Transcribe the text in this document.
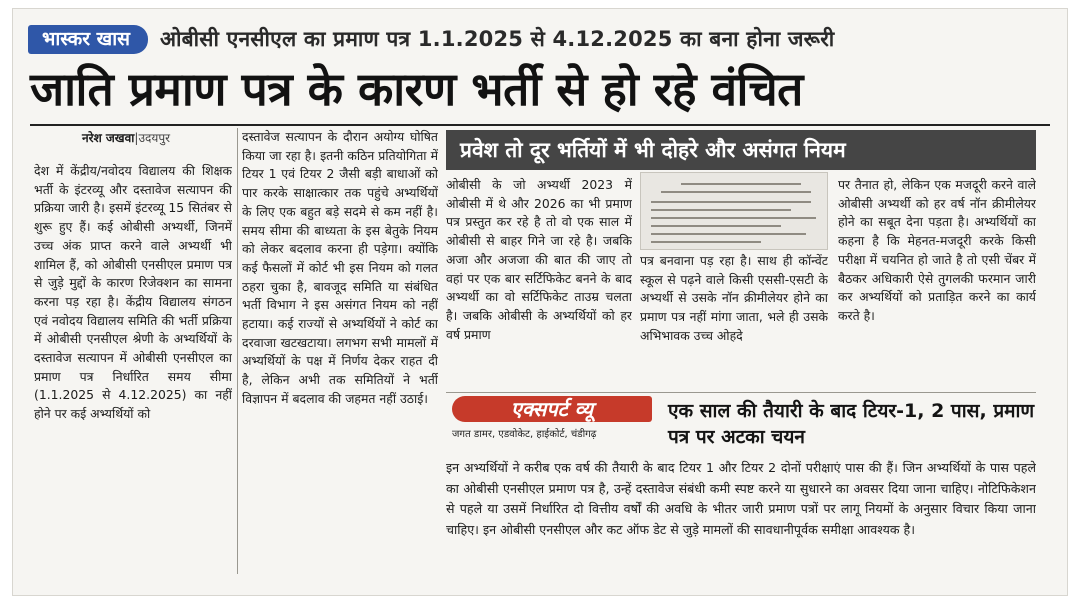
भास्कर खास	ओबीसी एनसीएल का प्रमाण पत्र 1.1.2025 से 4.12.2025 का बना होना जरूरी
जाति प्रमाण पत्र के कारण भर्ती से हो रहे वंचित
नरेश जखवा|उदयपुर

देश में केंद्रीय/नवोदय विद्यालय की शिक्षक भर्ती के इंटरव्यू और दस्तावेज सत्यापन की प्रक्रिया जारी है। इसमें इंटरव्यू 15 सितंबर से शुरू हुए हैं। कई ओबीसी अभ्यर्थी, जिनमें उच्च अंक प्राप्त करने वाले अभ्यर्थी भी शामिल हैं, को ओबीसी एनसीएल प्रमाण पत्र से जुड़े मुद्दों के कारण रिजेक्शन का सामना करना पड़ रहा है। केंद्रीय विद्यालय संगठन एवं नवोदय विद्यालय समिति की भर्ती प्रक्रिया में ओबीसी एनसीएल श्रेणी के अभ्यर्थियों के दस्तावेज सत्यापन में ओबीसी एनसीएल का प्रमाण पत्र निर्धारित समय सीमा (1.1.2025 से 4.12.2025) का नहीं होने पर कई अभ्यर्थियों को

दस्तावेज सत्यापन के दौरान अयोग्य घोषित किया जा रहा है। इतनी कठिन प्रतियोगिता में टियर 1 एवं टियर 2 जैसी बड़ी बाधाओं को पार करके साक्षात्कार तक पहुंचे अभ्यर्थियों के लिए एक बहुत बड़े सदमे से कम नहीं है। समय सीमा की बाध्यता के इस बेतुके नियम को लेकर बदलाव करना ही पड़ेगा। क्योंकि कई फैसलों में कोर्ट भी इस नियम को गलत ठहरा चुका है, बावजूद समिति या संबंधित भर्ती विभाग ने इस असंगत नियम को नहीं हटाया। कई राज्यों से अभ्यर्थियों ने कोर्ट का दरवाजा खटखटाया। लगभग सभी मामलों में अभ्यर्थियों के पक्ष में निर्णय देकर राहत दी है, लेकिन अभी तक समितियों ने भर्ती विज्ञापन में बदलाव की जहमत नहीं उठाई।

प्रवेश तो दूर भर्तियों में भी दोहरे और असंगत नियम

ओबीसी के जो अभ्यर्थी 2023 में ओबीसी में थे और 2026 का भी प्रमाण पत्र प्रस्तुत कर रहे है तो वो एक साल में ओबीसी से बाहर गिने जा रहे है। जबकि अजा और अजजा की बात की जाए तो वहां पर एक बार सर्टिफिकेट बनने के बाद अभ्यर्थी का वो सर्टिफिकेट ताउम्र चलता है। जबकि ओबीसी के अभ्यर्थियों को हर वर्ष प्रमाण

पत्र बनवाना पड़ रहा है। साथ ही कॉन्वेंट स्कूल से पढ़ने वाले किसी एससी-एसटी के अभ्यर्थी से उसके नॉन क्रीमीलेयर होने का प्रमाण पत्र नहीं मांगा जाता, भले ही उसके अभिभावक उच्च ओहदे

पर तैनात हो, लेकिन एक मजदूरी करने वाले ओबीसी अभ्यर्थी को हर वर्ष नॉन क्रीमीलेयर होने का सबूत देना पड़ता है। अभ्यर्थियों का कहना है कि मेहनत-मजदूरी करके किसी परीक्षा में चयनित हो जाते है तो एसी चेंबर में बैठकर अधिकारी ऐसे तुगलकी फरमान जारी कर अभ्यर्थियों को प्रताड़ित करने का कार्य करते है।

एक्सपर्ट व्यू
जगत डामर, एडवोकेट, हाईकोर्ट, चंडीगढ़
एक साल की तैयारी के बाद टियर-1, 2 पास, प्रमाण पत्र पर अटका चयन

इन अभ्यर्थियों ने करीब एक वर्ष की तैयारी के बाद टियर 1 और टियर 2 दोनों परीक्षाएं पास की हैं। जिन अभ्यर्थियों के पास पहले का ओबीसी एनसीएल प्रमाण पत्र है, उन्हें दस्तावेज संबंधी कमी स्पष्ट करने या सुधारने का अवसर दिया जाना चाहिए। नोटिफिकेशन से पहले या उसमें निर्धारित दो वित्तीय वर्षों की अवधि के भीतर जारी प्रमाण पत्रों पर लागू नियमों के अनुसार विचार किया जाना चाहिए। इन ओबीसी एनसीएल और कट ऑफ डेट से जुड़े मामलों की सावधानीपूर्वक समीक्षा आवश्यक है।
